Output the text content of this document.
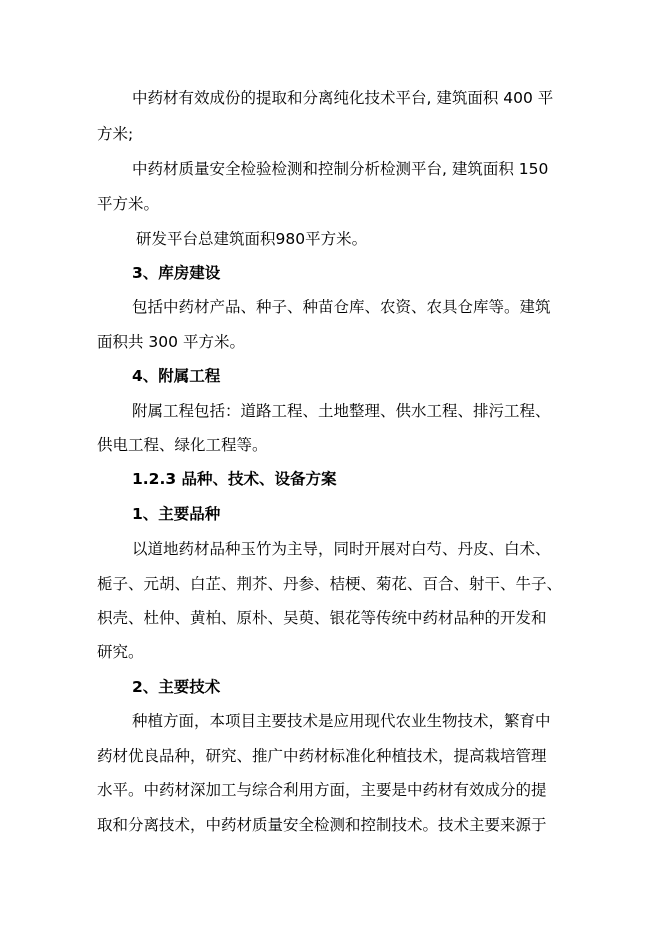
中药材有效成份的提取和分离纯化技术平台, 建筑面积 400 平
方米;
中药材质量安全检验检测和控制分析检测平台, 建筑面积 150
平方米。
研发平台总建筑面积980平方米。
3、库房建设
包括中药材产品、种子、种苗仓库、农资、农具仓库等。建筑
面积共 300 平方米。
4、附属工程
附属工程包括：道路工程、土地整理、供水工程、排污工程、
供电工程、绿化工程等。
1.2.3 品种、技术、设备方案
1、主要品种
以道地药材品种玉竹为主导，同时开展对白芍、丹皮、白术、
栀子、元胡、白芷、荆芥、丹参、桔梗、菊花、百合、射干、牛子、
枳壳、杜仲、黄柏、原朴、吴萸、银花等传统中药材品种的开发和
研究。
2、主要技术
种植方面，本项目主要技术是应用现代农业生物技术，繁育中
药材优良品种，研究、推广中药材标准化种植技术，提高栽培管理
水平。中药材深加工与综合利用方面，主要是中药材有效成分的提
取和分离技术，中药材质量安全检测和控制技术。技术主要来源于
